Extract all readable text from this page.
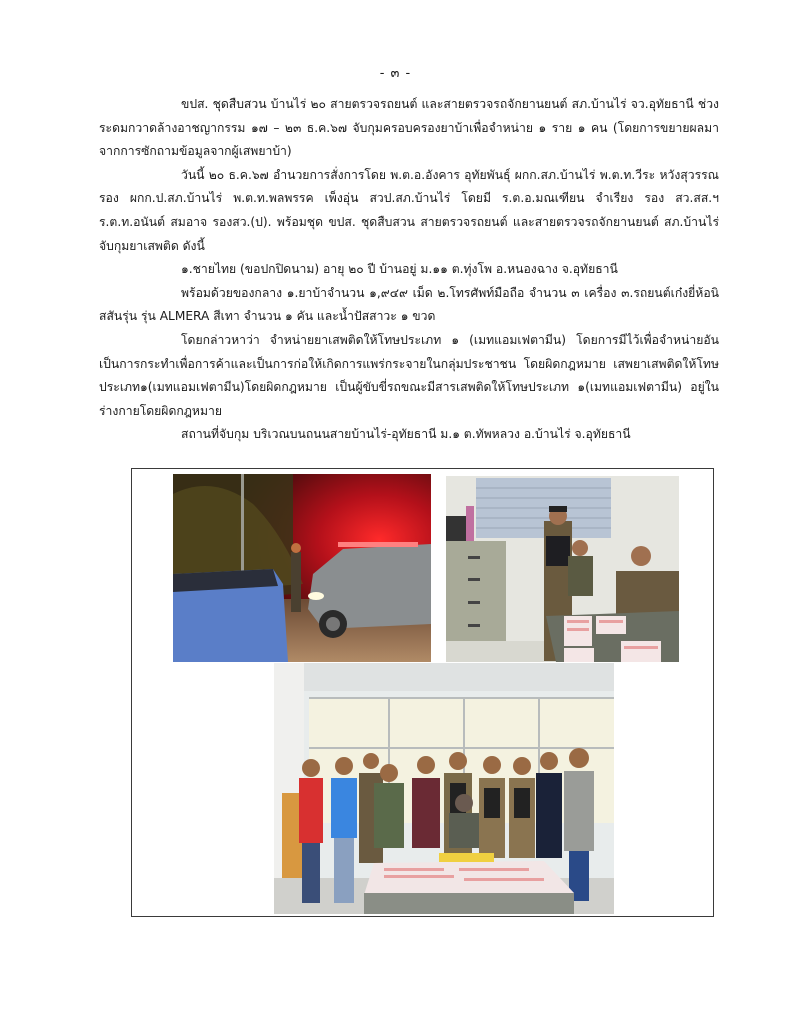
- ๓ -

ขปส. ชุดสืบสวน บ้านไร่ ๒๐ สายตรวจรถยนต์ และสายตรวจรถจักยานยนต์ สภ.บ้านไร่ จว.อุทัยธานี ช่วงระดมกวาดล้างอาชญากรรม ๑๗ – ๒๓ ธ.ค.๖๗ จับกุมครอบครองยาบ้าเพื่อจำหน่าย ๑ ราย ๑ คน (โดยการขยายผลมาจากการซักถามข้อมูลจากผู้เสพยาบ้า)

วันนี้ ๒๐ ธ.ค.๖๗ อำนวยการสั่งการโดย พ.ต.อ.อังคาร อุทัยพันธุ์ ผกก.สภ.บ้านไร่ พ.ต.ท.วีระ หวังสุวรรณ รอง ผกก.ป.สภ.บ้านไร่ พ.ต.ท.พลพรรค เพ็งอุ่น สวป.สภ.บ้านไร่ โดยมี ร.ต.อ.มณเฑียน จำเรียง รอง สว.สส.ฯ ร.ต.ท.อนันต์ สมอาจ รองสว.(ป). พร้อมชุด ขปส. ชุดสืบสวน สายตรวจรถยนต์ และสายตรวจรถจักยานยนต์ สภ.บ้านไร่ จับกุมยาเสพติด ดังนี้

๑.ชายไทย (ขอปกปิดนาม) อายุ ๒๐ ปี บ้านอยู่ ม.๑๑ ต.ทุ่งโพ อ.หนองฉาง จ.อุทัยธานี

พร้อมด้วยของกลาง ๑.ยาบ้าจำนวน ๑,๙๔๙ เม็ด ๒.โทรศัพท์มือถือ จำนวน ๓ เครื่อง ๓.รถยนต์เก๋งยี่ห้อนิสสันรุ่น รุ่น ALMERA สีเทา จำนวน ๑ คัน และน้ำปัสสาวะ ๑ ขวด

โดยกล่าวหาว่า จำหน่ายยาเสพติดให้โทษประเภท ๑ (เมทแอมเฟตามีน) โดยการมีไว้เพื่อจำหน่ายอันเป็นการกระทำเพื่อการค้าและเป็นการก่อให้เกิดการแพร่กระจายในกลุ่มประชาชน โดยผิดกฎหมาย เสพยาเสพติดให้โทษประเภท๑(เมทแอมเฟตามีน)โดยผิดกฎหมาย เป็นผู้ขับขี่รถขณะมีสารเสพติดให้โทษประเภท ๑(เมทแอมเฟตามีน) อยู่ในร่างกายโดยผิดกฎหมาย

สถานที่จับกุม บริเวณบนถนนสายบ้านไร่-อุทัยธานี ม.๑ ต.ทัพหลวง อ.บ้านไร่ จ.อุทัยธานี
